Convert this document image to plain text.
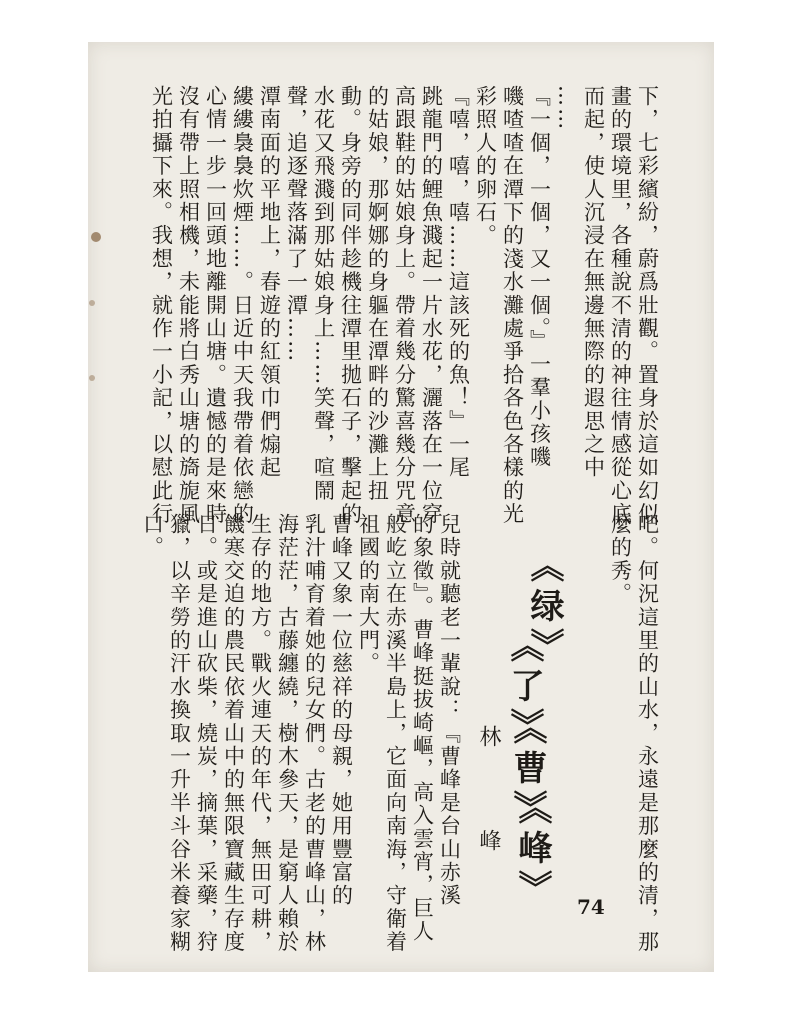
下，七彩繽紛，蔚爲壯觀。置身於這如幻似
畫的環境里，各種說不清的神往情感從心底
而起，使人沉浸在無邊無際的遐思之中
……
『一個，一個，又一個。』一羣小孩嘰
嘰喳喳在潭下的淺水灘處爭拾各色各樣的光
彩照人的卵石。
『嘻，嘻，嘻……這該死的魚！』一尾
跳龍門的鯉魚濺起一片水花，灑落在一位穿
高跟鞋的姑娘身上。帶着幾分驚喜幾分咒意
的姑娘，那婀娜的身軀在潭畔的沙灘上扭
動。身旁的同伴趁機往潭里拋石子，擊起的
水花又飛濺到那姑娘身上……笑聲，喧鬧
聲，追逐聲落滿了一潭……
潭南面的平地上，春遊的紅領巾們煽起
縷縷裊裊炊煙……。日近中天我帶着依戀的
心情一步一回頭地離開山塘。遺憾的是來時
沒有帶上照相機，未能將白秀山塘的旖旎風
光拍攝下來。我想，就作一小記，以慰此行
吧。何況這里的山水，永遠是那麼的清，那
麼的秀。
《绿》
《了》
《曹》
《峰》
林　峰
兒時就聽老一輩說：『曹峰是台山赤溪
的象徵』。曹峰挺拔崎嶇，高入雲宵，巨人
般屹立在赤溪半島上，它面向南海，守衛着
祖國的南大門。
曹峰又象一位慈祥的母親，她用豐富的
乳汁哺育着她的兒女們。古老的曹峰山，林
海茫茫，古藤纏繞，樹木參天，是窮人賴於
生存的地方。戰火連天的年代，無田可耕，
饑寒交迫的農民依着山中的無限寶藏生存度
日。或是進山砍柴，燒炭，摘葉，采藥，狩
獵，以辛勞的汗水換取一升半斗谷米養家糊
口。
74
